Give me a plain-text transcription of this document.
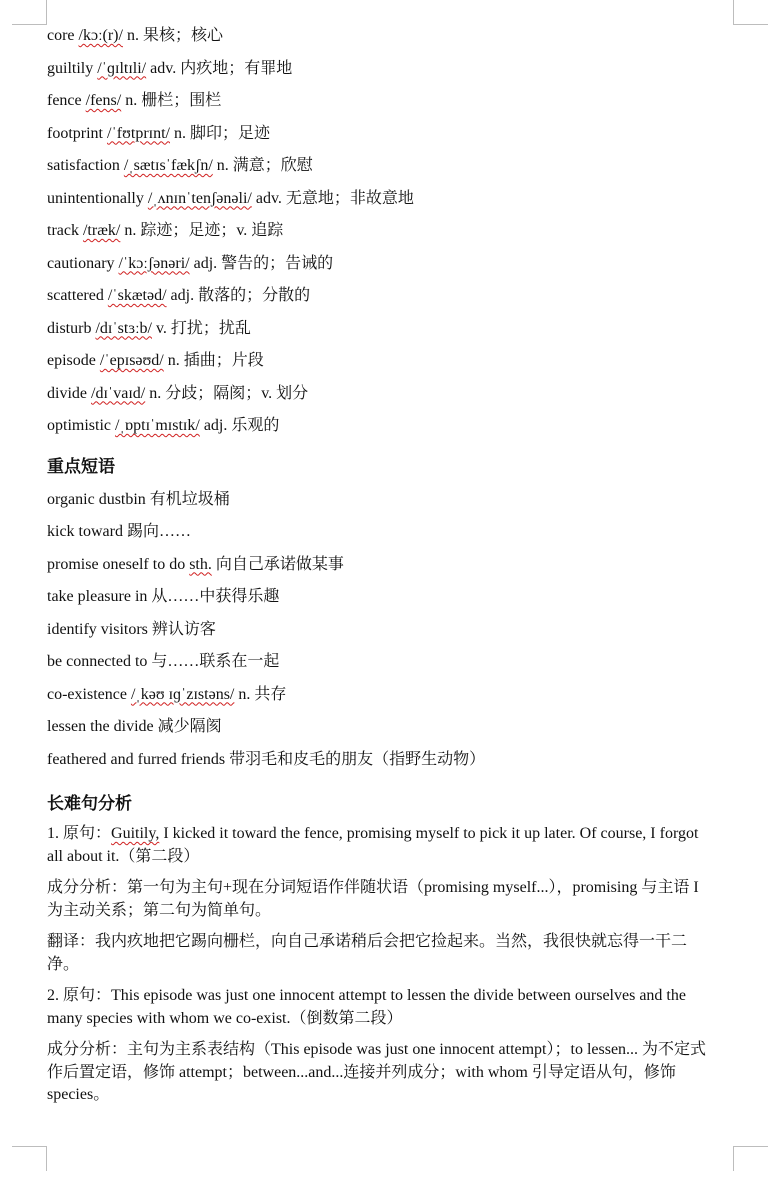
core /kɔː(r)/ n. 果核；核心
guiltily /ˈɡɪltɪli/ adv. 内疚地；有罪地
fence /fens/ n. 栅栏；围栏
footprint /ˈfʊtprɪnt/ n. 脚印；足迹
satisfaction /ˌsætɪsˈfækʃn/ n. 满意；欣慰
unintentionally /ˌʌnɪnˈtenʃənəli/ adv. 无意地；非故意地
track /træk/ n. 踪迹；足迹；v. 追踪
cautionary /ˈkɔːʃənəri/ adj. 警告的；告诫的
scattered /ˈskætəd/ adj. 散落的；分散的
disturb /dɪˈstɜːb/ v. 打扰；扰乱
episode /ˈepɪsəʊd/ n. 插曲；片段
divide /dɪˈvaɪd/ n. 分歧；隔阂；v. 划分
optimistic /ˌɒptɪˈmɪstɪk/ adj. 乐观的
重点短语
organic dustbin 有机垃圾桶
kick toward 踢向……
promise oneself to do sth. 向自己承诺做某事
take pleasure in 从……中获得乐趣
identify visitors 辨认访客
be connected to 与……联系在一起
co-existence /ˌkəʊ ɪɡˈzɪstəns/ n. 共存
lessen the divide 减少隔阂
feathered and furred friends 带羽毛和皮毛的朋友（指野生动物）
长难句分析
1. 原句：Guitily, I kicked it toward the fence, promising myself to pick it up later. Of course, I forgot all about it.（第二段）
成分分析：第一句为主句+现在分词短语作伴随状语（promising myself...），promising 与主语 I 为主动关系；第二句为简单句。
翻译：我内疚地把它踢向栅栏，向自己承诺稍后会把它捡起来。当然，我很快就忘得一干二净。
2. 原句：This episode was just one innocent attempt to lessen the divide between ourselves and the many species with whom we co-exist.（倒数第二段）
成分分析：主句为主系表结构（This episode was just one innocent attempt）；to lessen... 为不定式作后置定语，修饰 attempt；between...and...连接并列成分；with whom 引导定语从句，修饰 species。
